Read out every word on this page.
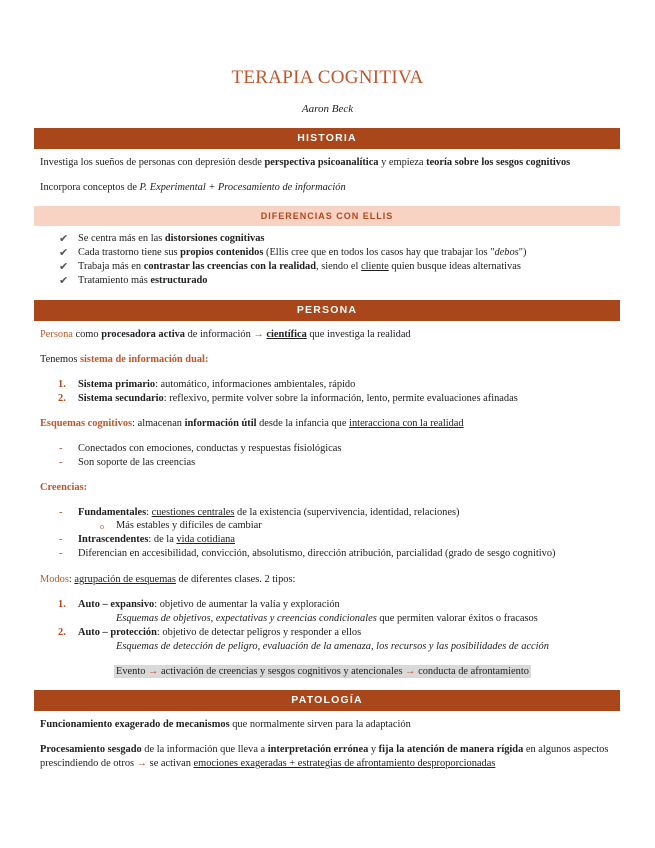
TERAPIA COGNITIVA
Aaron Beck
HISTORIA
Investiga los sueños de personas con depresión desde perspectiva psicoanalítica y empieza teoría sobre los sesgos cognitivos
Incorpora conceptos de P. Experimental + Procesamiento de información
DIFERENCIAS CON ELLIS
✔ Se centra más en las distorsiones cognitivas
✔ Cada trastorno tiene sus propios contenidos (Ellis cree que en todos los casos hay que trabajar los "debos")
✔ Trabaja más en contrastar las creencias con la realidad, siendo el cliente quien busque ideas alternativas
✔ Tratamiento más estructurado
PERSONA
Persona como procesadora activa de información → científica que investiga la realidad
Tenemos sistema de información dual:
1. Sistema primario: automático, informaciones ambientales, rápido
2. Sistema secundario: reflexivo, permite volver sobre la información, lento, permite evaluaciones afinadas
Esquemas cognitivos: almacenan información útil desde la infancia que interacciona con la realidad
- Conectados con emociones, conductas y respuestas fisiológicas
- Son soporte de las creencias
Creencias:
- Fundamentales: cuestiones centrales de la existencia (supervivencia, identidad, relaciones)
o Más estables y difíciles de cambiar
- Intrascendentes: de la vida cotidiana
- Diferencian en accesibilidad, convicción, absolutismo, dirección atribución, parcialidad (grado de sesgo cognitivo)
Modos: agrupación de esquemas de diferentes clases. 2 tipos:
1. Auto – expansivo: objetivo de aumentar la valía y exploración
Esquemas de objetivos, expectativas y creencias condicionales que permiten valorar éxitos o fracasos
2. Auto – protección: objetivo de detectar peligros y responder a ellos
Esquemas de detección de peligro, evaluación de la amenaza, los recursos y las posibilidades de acción
Evento → activación de creencias y sesgos cognitivos y atencionales → conducta de afrontamiento
PATOLOGÍA
Funcionamiento exagerado de mecanismos que normalmente sirven para la adaptación
Procesamiento sesgado de la información que lleva a interpretación errónea y fija la atención de manera rígida en algunos aspectos
prescindiendo de otros → se activan emociones exageradas + estrategias de afrontamiento desproporcionadas
